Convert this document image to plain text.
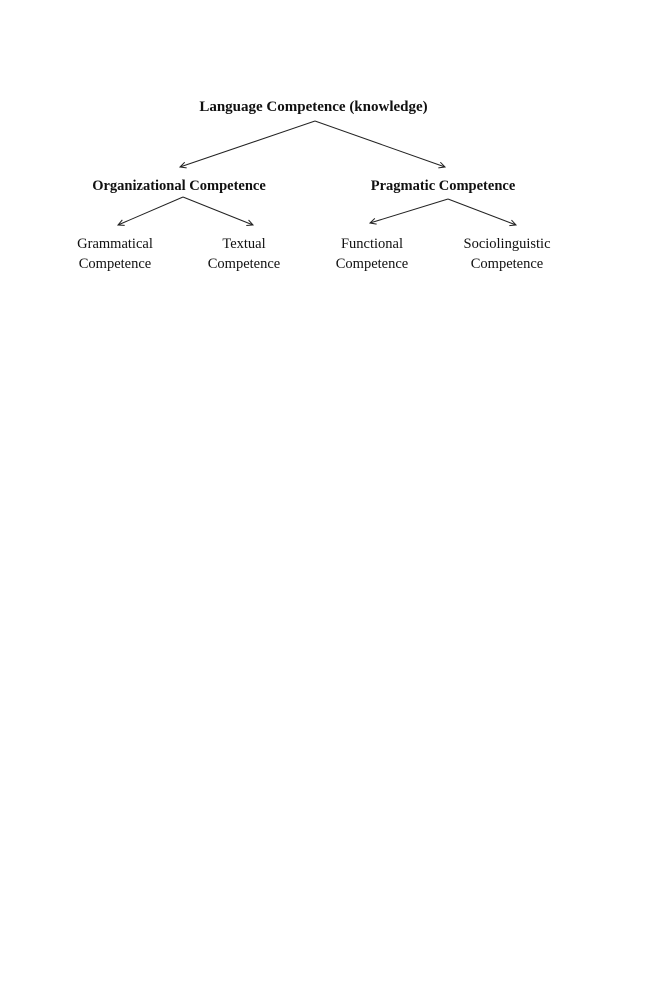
Language Competence (knowledge)
Organizational Competence	Pragmatic Competence
Grammatical
Competence
Textual
Competence
Functional
Competence
Sociolinguistic
Competence
